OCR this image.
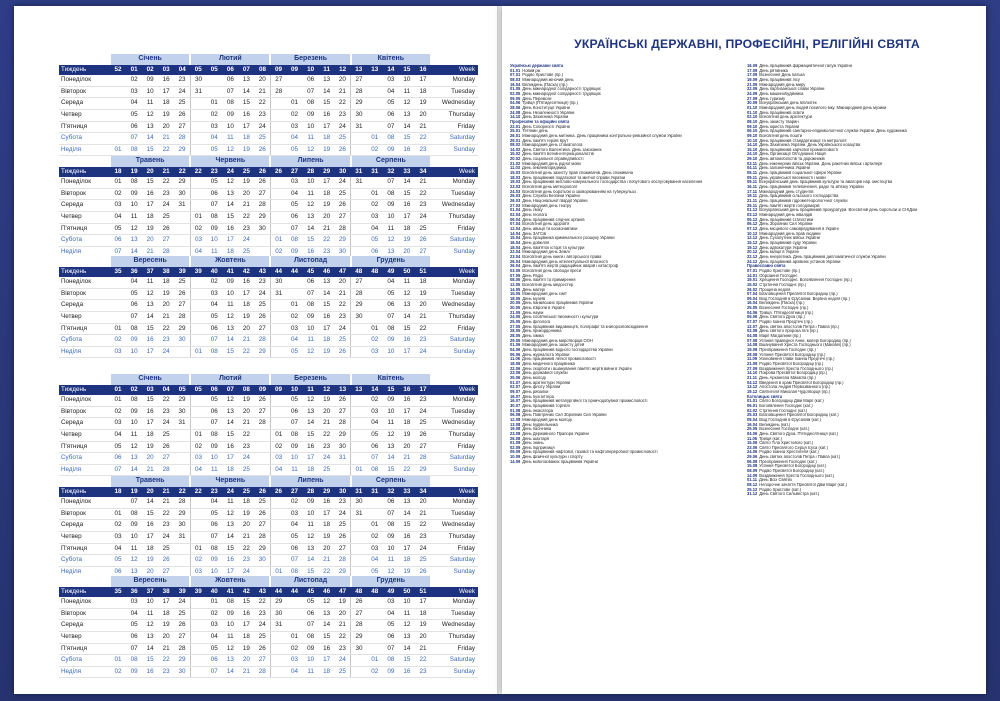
	Січень					Лютий					Березень					Квітень					
Тиждень	52	01	02	03	04	05	05	06	07	08	09	09	10	11	12	13	13	14	15	16	Week
Понеділок		02	09	16	23	30		06	13	20	27		06	13	20	27		03	10	17	Monday
Вівторок		03	10	17	24	31		07	14	21	28		07	14	21	28		04	11	18	Tuesday
Середа		04	11	18	25		01	08	15	22		01	08	15	22	29		05	12	19	Wednesday
Четвер		05	12	19	26		02	09	16	23		02	09	16	23	30		06	13	20	Thursday
П'ятниця		06	13	20	27		03	10	17	24		03	10	17	24	31		07	14	21	Friday
Субота		07	14	21	28		04	11	18	25		04	11	18	25		01	08	15	22	Saturday
Неділя	01	08	15	22	29		05	12	19	26		05	12	19	26		02	09	16	23	Sunday
	Травень					Червень					Липень					Серпень					
Тиждень	18	19	20	21	22	22	23	24	25	26	26	27	28	29	30	31	31	32	33	34	Week
Понеділок	01	08	15	22	29		05	12	19	26		03	10	17	24	31		07	14	21	Monday
Вівторок	02	09	16	23	30		06	13	20	27		04	11	18	25		01	08	15	22	Tuesday
Середа	03	10	17	24	31		07	14	21	28		05	12	19	26		02	09	16	23	Wednesday
Четвер	04	11	18	25		01	08	15	22	29		06	13	20	27		03	10	17	24	Thursday
П'ятниця	05	12	19	26		02	09	16	23	30		07	14	21	28		04	11	18	25	Friday
Субота	06	13	20	27		03	10	17	24		01	08	15	22	29		05	12	19	26	Saturday
Неділя	07	14	21	28		04	11	18	25		02	09	16	23	30		06	13	20	27	Sunday
	Вересень					Жовтень					Листопад					Грудень					
Тиждень	35	36	37	38	39	39	40	41	42	43	44	44	45	46	47	48	48	49	50	51	Week
Понеділок		04	11	18	25		02	09	16	23	30		06	13	20	27		04	11	18	Monday
Вівторок		05	12	19	26		03	10	17	24	31		07	14	21	28		05	12	19	Tuesday
Середа		06	13	20	27		04	11	18	25		01	08	15	22	29		06	13	20	Wednesday
Четвер		07	14	21	28		05	12	19	26		02	09	16	23	30		07	14	21	Thursday
П'ятниця	01	08	15	22	29		06	13	20	27		03	10	17	24		01	08	15	22	Friday
Субота	02	09	16	23	30		07	14	21	28		04	11	18	25		02	09	16	23	Saturday
Неділя	03	10	17	24		01	08	15	22	29		05	12	19	26		03	10	17	24	Sunday
	Січень					Лютий					Березень					Квітень					
Тиждень	01	02	03	04	05	05	06	07	08	09	09	10	11	12	13	13	14	15	16	17	Week
Понеділок	01	08	15	22	29		05	12	19	26		05	12	19	26		02	09	16	23	Monday
Вівторок	02	09	16	23	30		06	13	20	27		06	13	20	27		03	10	17	24	Tuesday
Середа	03	10	17	24	31		07	14	21	28		07	14	21	28		04	11	18	25	Wednesday
Четвер	04	11	18	25		01	08	15	22		01	08	15	22	29		05	12	19	26	Thursday
П'ятниця	05	12	19	26		02	09	16	23		02	09	16	23	30		06	13	20	27	Friday
Субота	06	13	20	27		03	10	17	24		03	10	17	24	31		07	14	21	28	Saturday
Неділя	07	14	21	28		04	11	18	25		04	11	18	25		01	08	15	22	29	Sunday
	Травень					Червень					Липень					Серпень					
Тиждень	18	19	20	21	22	22	23	24	25	26	26	27	28	29	30	31	31	32	33	34	Week
Понеділок		07	14	21	28		04	11	18	25		02	09	16	23	30		06	13	20	Monday
Вівторок	01	08	15	22	29		05	12	19	26		03	10	17	24	31		07	14	21	Tuesday
Середа	02	09	16	23	30		06	13	20	27		04	11	18	25		01	08	15	22	Wednesday
Четвер	03	10	17	24	31		07	14	21	28		05	12	19	26		02	09	16	23	Thursday
П'ятниця	04	11	18	25		01	08	15	22	29		06	13	20	27		03	10	17	24	Friday
Субота	05	12	19	26		02	09	16	23	30		07	14	21	28		04	11	18	25	Saturday
Неділя	06	13	20	27		03	10	17	24		01	08	15	22	29		05	12	19	26	Sunday
	Вересень					Жовтень					Листопад					Грудень					
Тиждень	35	36	37	38	39	39	40	41	42	43	44	44	45	46	47	48	48	49	50	51	Week
Понеділок		03	10	17	24		01	08	15	22	29		05	12	19	26		03	10	17	Monday
Вівторок		04	11	18	25		02	09	16	23	30		06	13	20	27		04	11	18	Tuesday
Середа		05	12	19	26		03	10	17	24	31		07	14	21	28		05	12	19	Wednesday
Четвер		06	13	20	27		04	11	18	25		01	08	15	22	29		06	13	20	Thursday
П'ятниця		07	14	21	28		05	12	19	26		02	09	16	23	30		07	14	21	Friday
Субота	01	08	15	22	29		06	13	20	27		03	10	17	24		01	08	15	22	Saturday
Неділя	02	09	16	23	30		07	14	21	28		04	11	18	25		02	09	16	23	Sunday
УКРАЇНСЬКІ ДЕРЖАВНІ, ПРОФЕСІЙНІ, РЕЛІГІЙНІ СВЯТА
Українські державні свята
01.01 Новий рік
07.01 Різдво Христове (пр.)
08.03 Міжнародний жіночий день
16.04 Великдень (Пасха) (пр.)
01.05 День міжнародної солідарності трудящих
02.05 День міжнародної солідарності трудящих
09.05 День Перемоги
04.06 Трійця (П'ятидесятниця) (пр.)
28.06 День Конституції України
24.08 День Незалежності України
14.10 День Захисника України
Професійні та офіційні свята
22.01 День Соборності України
25.01 Тетянин день
26.01 Міжнародний день митника. День працівника контрольно-ревізійної служби України
29.01 День пам'яті героїв Крут
08.02 Міжнародний день стоматолога
14.02 День Святого Валентина. День закоханих
15.02 День пам'яті воїнів-інтернаціоналістів
20.02 День соціальної справедливості
21.02 Міжнародний день рідної мови
11.03 День землевпорядника
15.03 Всесвітній день захисту прав споживачів. День споживача
18.03 День працівників податкової та митної справи України
19.03 День працівників житлово-комунального господарства і побутового обслуговування населення
23.03 Всесвітній день метеорології
24.03 Всесвітній день боротьби із захворюванням на туберкульоз
26.03 День Служби Безпеки України
26.03 День Національної гвардії України
27.03 Міжнародний день театру
01.04 День сміху
02.04 День геолога
06.04 День працівників слідчих органів
07.04 Всесвітній день здоров'я
12.04 День авіації та космонавтики
14.04 День ЗАГСів
15.04 День працівника кримінального розшуку України
16.04 День довкілля
18.04 День пам'яток історії та культури
22.04 Міжнародний день Землі
23.04 Всесвітній день книги і авторського права
26.04 Міжнародний день інтелектуальної власності
26.04 День пам'яті жертв радіаційних аварій і катастроф
03.05 Всесвітній день свободи преси
07.05 День Радіо
08.05 День пам'яті та примирення
12.05 Всесвітній день медсестер
14.05 День матері
15.05 Міжнародний день сім'ї
18.05 День музеїв
20.05 День банківських працівників України
20.05 День Європи в Україні
21.05 День науки
24.05 День слов'янської писемності і культури
25.05 День філолога
27.05 День працівників видавництв, поліграфії та книгорозповсюдження
28.05 День прикордонника
28.05 День хіміка
29.05 Міжнародний день миротворців ООН
01.06 Міжнародний день захисту дітей
04.06 День працівників водного господарства України
06.06 День журналіста України
11.06 День працівників легкої промисловості
18.06 День медичного працівника
22.06 День скорботи і вшанування пам'яті жертв війни в Україні
23.06 День державної служби
25.06 День молоді
01.07 День архітектури України
02.07 День флоту України
09.07 День рибалки
16.07 День бухгалтера
16.07 День працівників металургійної та гірничодобувної промисловості
30.07 День працівників торгівлі
01.08 День інкасатора
06.08 День Повітряних Сил Збройних Сил України
12.08 Міжнародний день молоді
13.08 День будівельника
19.08 День пасічника
23.08 День Державного Прапора України
26.08 День шахтаря
01.09 День знань
02.09 День підприємця
09.09 День працівників нафтової, газової та нафтопереробної промисловості
10.09 День фізичної культури і спорту
14.09 День мобілізованих працівників України
16.09 День працівників фармацевтичної галузі України
17.09 День рятівника
17.09 Вознесіння День батька
19.09 День працівників лісу
21.09 Міжнародний день миру
22.09 День партизанської слави України
24.09 День машинобудівника
27.09 День туризму
30.09 Всеукраїнський день бібліотек
01.10 Міжнародний день людей похилого віку. Міжнародний день музики
01.10 День працівників освіти
02.10 Всесвітній день архітектури
08.10 День захисту тварин
09.10 День юриста України
06.10 День працівників санітарно-епідеміологічної служби України. День художника
09.10 Всесвітній день пошти
10.10 День працівників стандартизації та метрології
14.10 День Захисника України. День Українського козацтва
15.10 День працівників харчової промисловості
24.10 День Організації Об'єднаних Націй
29.10 День автомобілістів та дорожників
03.11 День інженерних військ України. День ракетних військ і артилерії
04.11 День залізничника України
05.11 День працівників соціальної сфери України
09.11 День української писемності і мови
09.11 Всеукраїнський день працівників культури та аматорів нар. мистецтва
16.11 День працівників телебачення, радіо та зв'язку України
17.11 Міжнародний день студентів
19.11 День працівників сільського господарства
21.11 День працівників гідрометеорологічної служби
25.11 День пам'яті жертв голодоморів
01.12 Всеукраїнський день працівників прокуратури. Всесвітній день боротьби зі СНІДом
03.12 Міжнародний день інвалідів
05.12 День працівників статистики
06.12 День Збройних Сил України
07.12 День місцевого самоврядування в Україні
10.12 Міжнародний день прав людини
12.12 День Сухопутних військ України
15.12 День працівників суду України
19.12 День адвокатури України
20.12 День міліції в Україні
22.12 День енергетика. День працівників дипломатичної служби України
24.12 День працівників архівних установ України
Православні свята
07.01 Різдво Христове (пр.)
14.01 Обрізання Господнє
19.01 Хрещення Господнє. Богоявлення Господнє (пр.)
15.02 Стрітення Господнє (пр.)
26.02 Прощена неділя
07.04 Благовіщення Пресвятої Богородиці (пр.)
09.04 Вхід Господній в Єрусалим. Вербна неділя (пр.)
16.04 Великдень (Пасха) (пр.)
25.05 Вознесіння Господнє (пр.)
04.06 Трійця. П'ятидесятниця (пр.)
05.06 День Святого Духа (пр.)
07.07 Різдво Іоанна Предтечі (пр.)
12.07 День святих апостолів Петра і Павла (пр.)
02.08 День святого пророка Іллі (пр.)
04.08 Марії Магдалини (пр.)
07.08 Успіння праведної Анни, матері Богородиці (пр.)
14.08 Вшанування Хреста Господнього (Маковія) (пр.)
19.08 Преображення Господнє (пр.)
28.08 Успіння Пресвятої Богородиці (пр.)
11.09 Усікновення глави Іоанна Предтечі (пр.)
21.09 Різдво Пресвятої Богородиці (пр.)
27.09 Воздвиження Хреста Господнього (пр.)
14.10 Покрова Пресвятої Богородиці (пр.)
21.11 День Архангела Михаїла (пр.)
04.12 Введення в храм Пресвятої Богородиці (пр.)
13.12 Апостола Андрія Первозванного (пр.)
19.12 Святителя Миколая Чудотворця (пр.)
Католицькі свята
01.01 Свято Богородиці Діви Марії (кат.)
06.01 Богоявлення Господнє (кат.)
02.02 Стрітення Господнє (кат.)
25.03 Благовіщення Пресвятої Богородиці (кат.)
09.04 Вхід Господній в Єрусалим (кат.)
16.04 Великдень (кат.)
25.05 Вознесіння Господнє (кат.)
04.06 День Святого Духа. П'ятидесятниця (кат.)
11.06 Трійця (кат.)
15.06 Свято Тіла Христового (кат.)
23.06 Свято Пресвятого Серця Ісуса (кат.)
24.06 Різдво Іоанна Хрестителя (кат.)
29.06 День святих апостолів Петра і Павла (кат.)
06.08 Преображення Господнє (кат.)
15.08 Успіння Пресвятої Богородиці (кат.)
08.09 Різдво Пресвятої Богородиці (кат.)
14.09 Воздвиження Хреста Господнього (кат.)
01.11 День Всіх Святих
08.12 Непорочне зачаття Пресвятої Діви Марії (кат.)
25.12 Різдво Христове (кат.)
31.12 День Святого Сильвестра (кат.)
